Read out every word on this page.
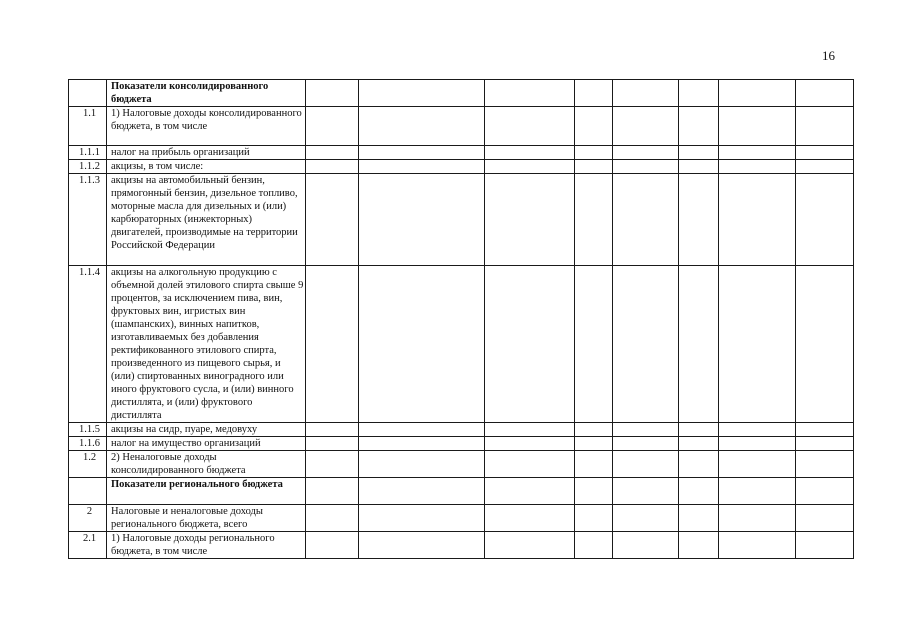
16
	Показатели консолидированного бюджета								
1.1	1) Налоговые доходы консолидированного бюджета, в том числе								
1.1.1	налог на прибыль организаций								
1.1.2	акцизы, в том числе:								
1.1.3	акцизы на автомобильный бензин, прямогонный бензин, дизельное топливо, моторные масла для дизельных и (или) карбюраторных (инжекторных) двигателей, производимые на территории Российской Федерации								
1.1.4	акцизы на алкогольную продукцию с объемной долей этилового спирта свыше 9 процентов, за исключением пива, вин, фруктовых вин, игристых вин (шампанских), винных напитков, изготавливаемых без добавления ректификованного этилового спирта, произведенного из пищевого сырья, и (или) спиртованных виноградного или иного фруктового сусла, и (или) винного дистиллята, и (или) фруктового дистиллята								
1.1.5	акцизы на сидр, пуаре, медовуху								
1.1.6	налог на имущество организаций								
1.2	2) Неналоговые доходы консолидированного бюджета								
	Показатели регионального бюджета								
2	Налоговые и неналоговые доходы регионального бюджета, всего								
2.1	1) Налоговые доходы регионального бюджета, в том числе								
